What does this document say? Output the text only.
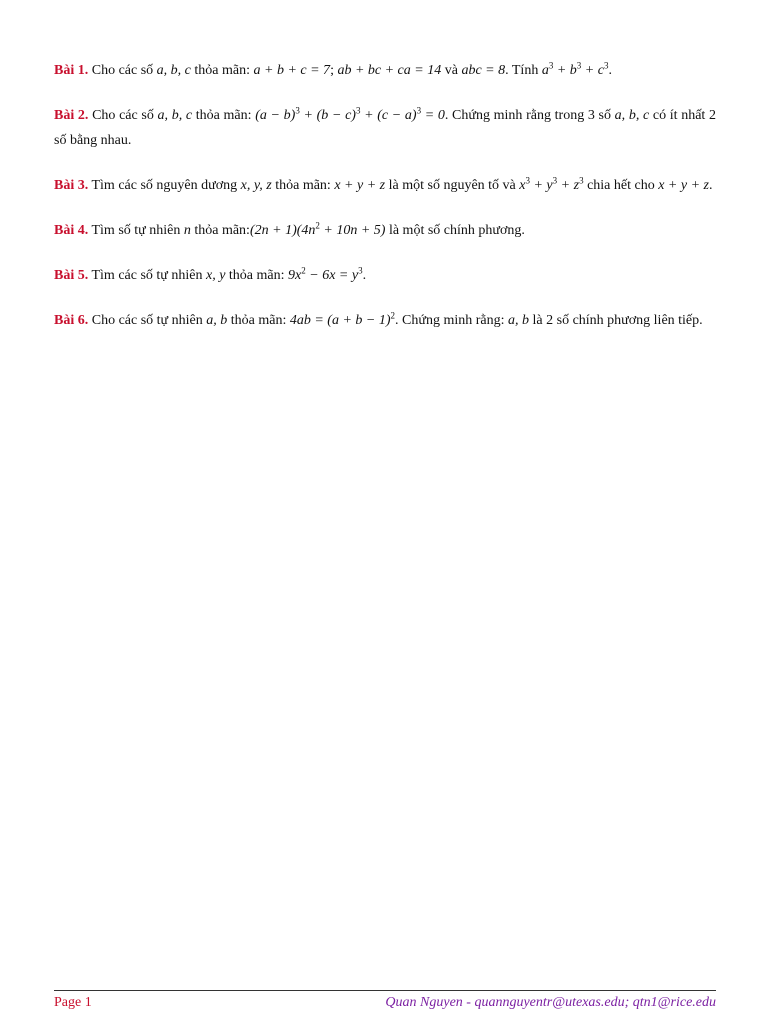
Bài 1. Cho các số a, b, c thỏa mãn: a + b + c = 7; ab + bc + ca = 14 và abc = 8. Tính $a^3 + b^3 + c^3$.

Bài 2. Cho các số a, b, c thỏa mãn: $(a - b)^3 + (b - c)^3 + (c - a)^3 = 0$. Chứng minh rằng trong 3 số a, b, c có ít nhất 2 số bằng nhau.

Bài 3. Tìm các số nguyên dương x, y, z thỏa mãn: x + y + z là một số nguyên tố và $x^3 + y^3 + z^3$ chia hết cho x + y + z.

Bài 4. Tìm số tự nhiên n thỏa mãn:(2n + $1)(4n^2 + 10n + 5)$ là một số chính phương.

Bài 5. Tìm các số tự nhiên x, y thỏa mãn: $9x^2 - 6x = y^3$.

Bài 6. Cho các số tự nhiên a, b thỏa mãn: $4ab = (a + b - 1)^2$. Chứng minh rằng: a, b là 2 số chính phương liên tiếp.

Page 1	Quan Nguyen - quannguyentr@utexas.edu; qtn1@rice.edu
